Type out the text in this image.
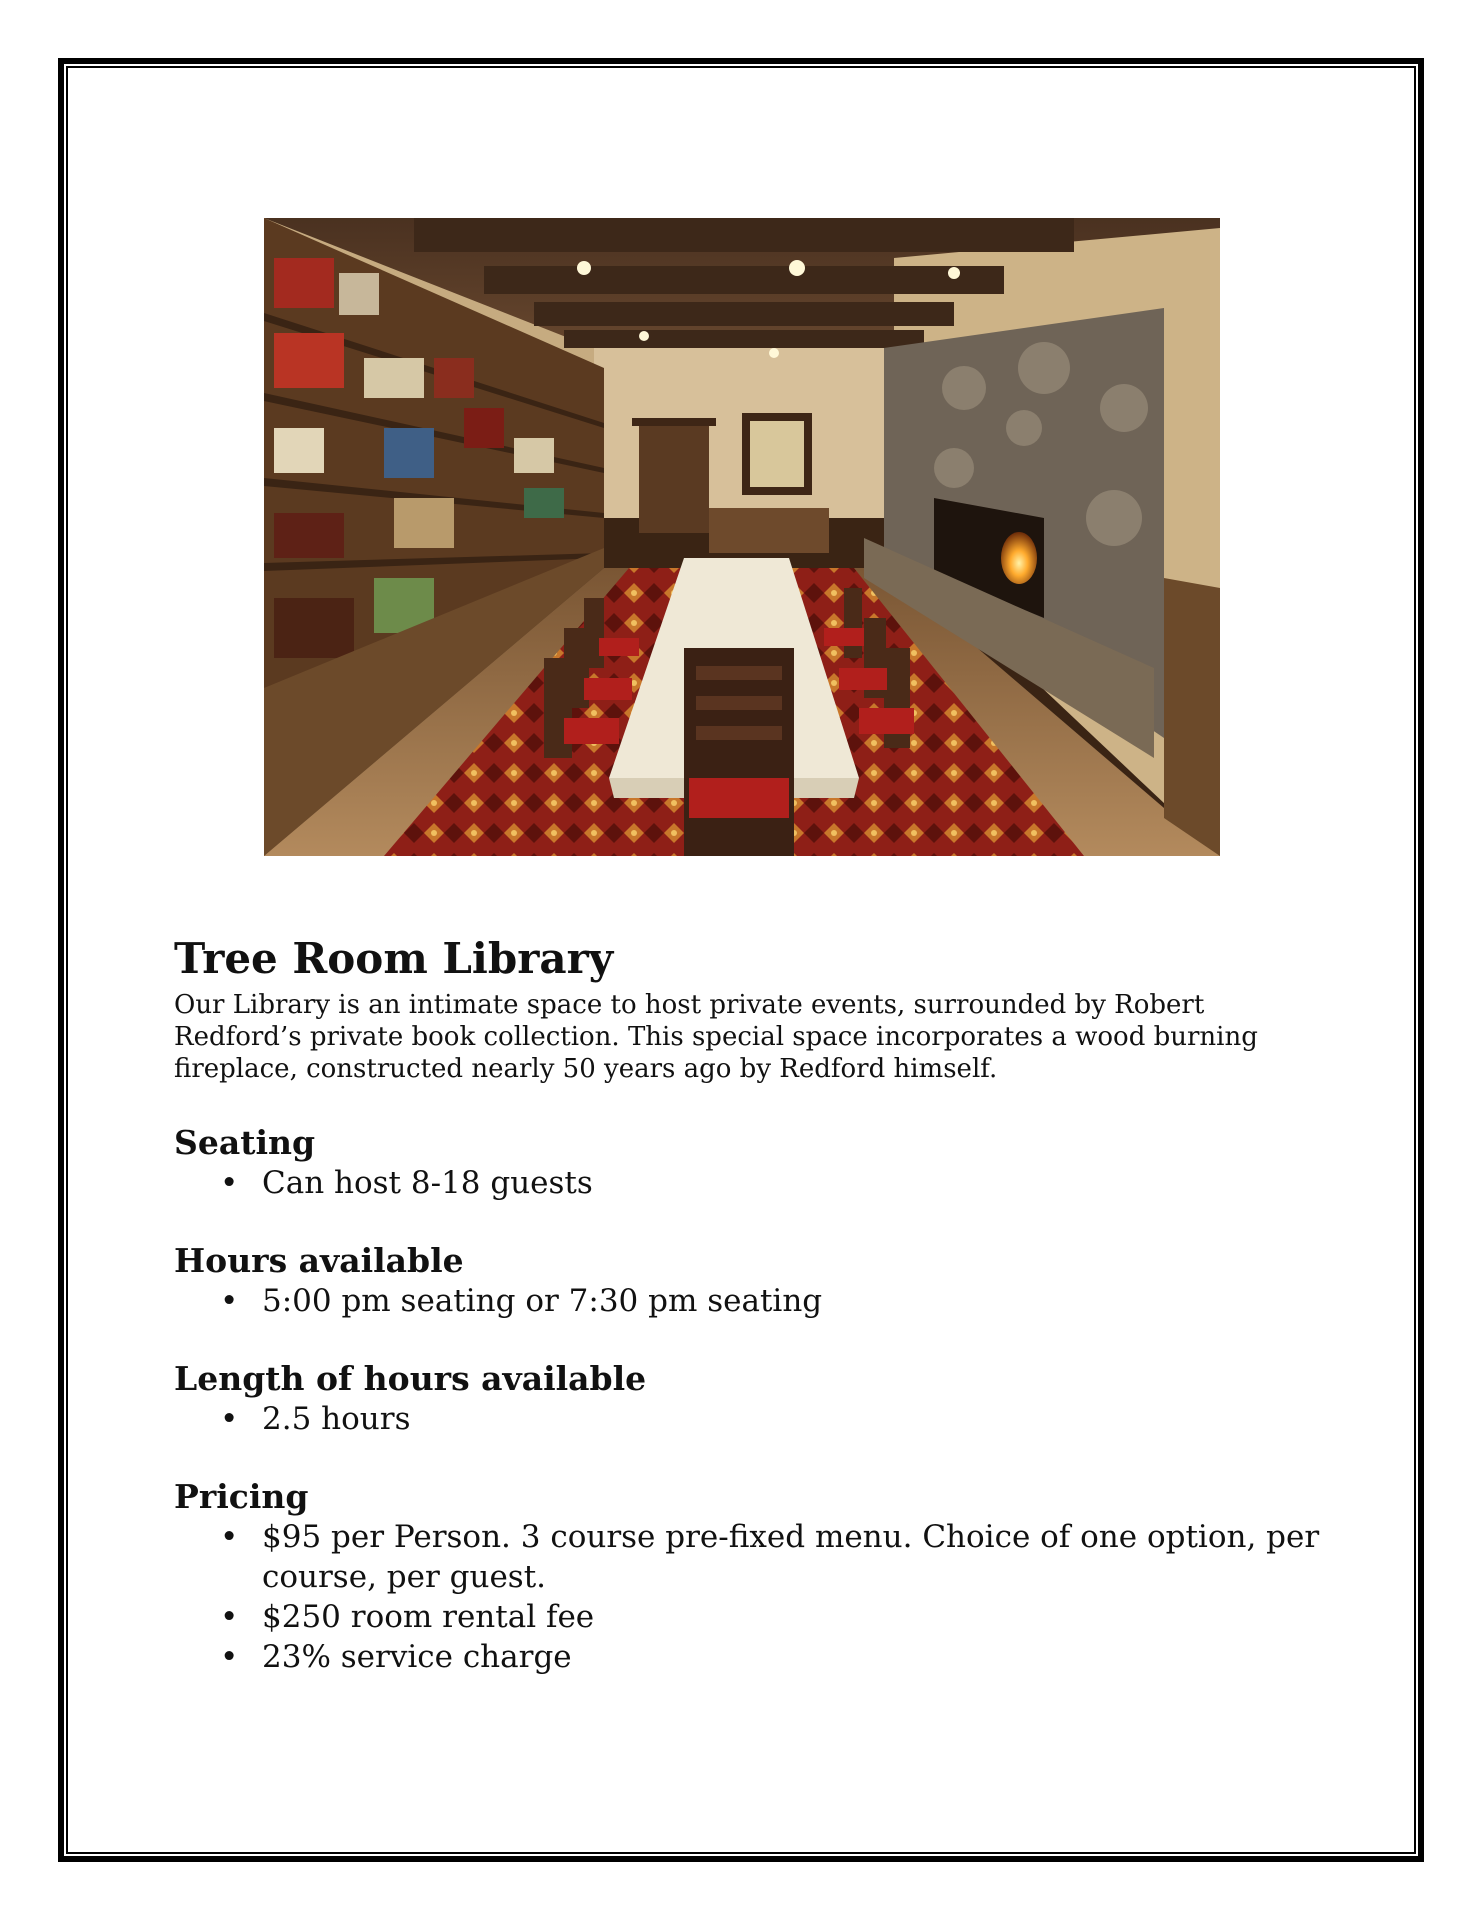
Tree Room Library

Our Library is an intimate space to host private events, surrounded by Robert Redford’s private book collection. This special space incorporates a wood burning fireplace, constructed nearly 50 years ago by Redford himself.

Seating
• Can host 8-18 guests
Hours available
• 5:00 pm seating or 7:30 pm seating
Length of hours available
• 2.5 hours
Pricing
• $95 per Person. 3 course pre-fixed menu. Choice of one option, per course, per guest.
• $250 room rental fee
• 23% service charge
